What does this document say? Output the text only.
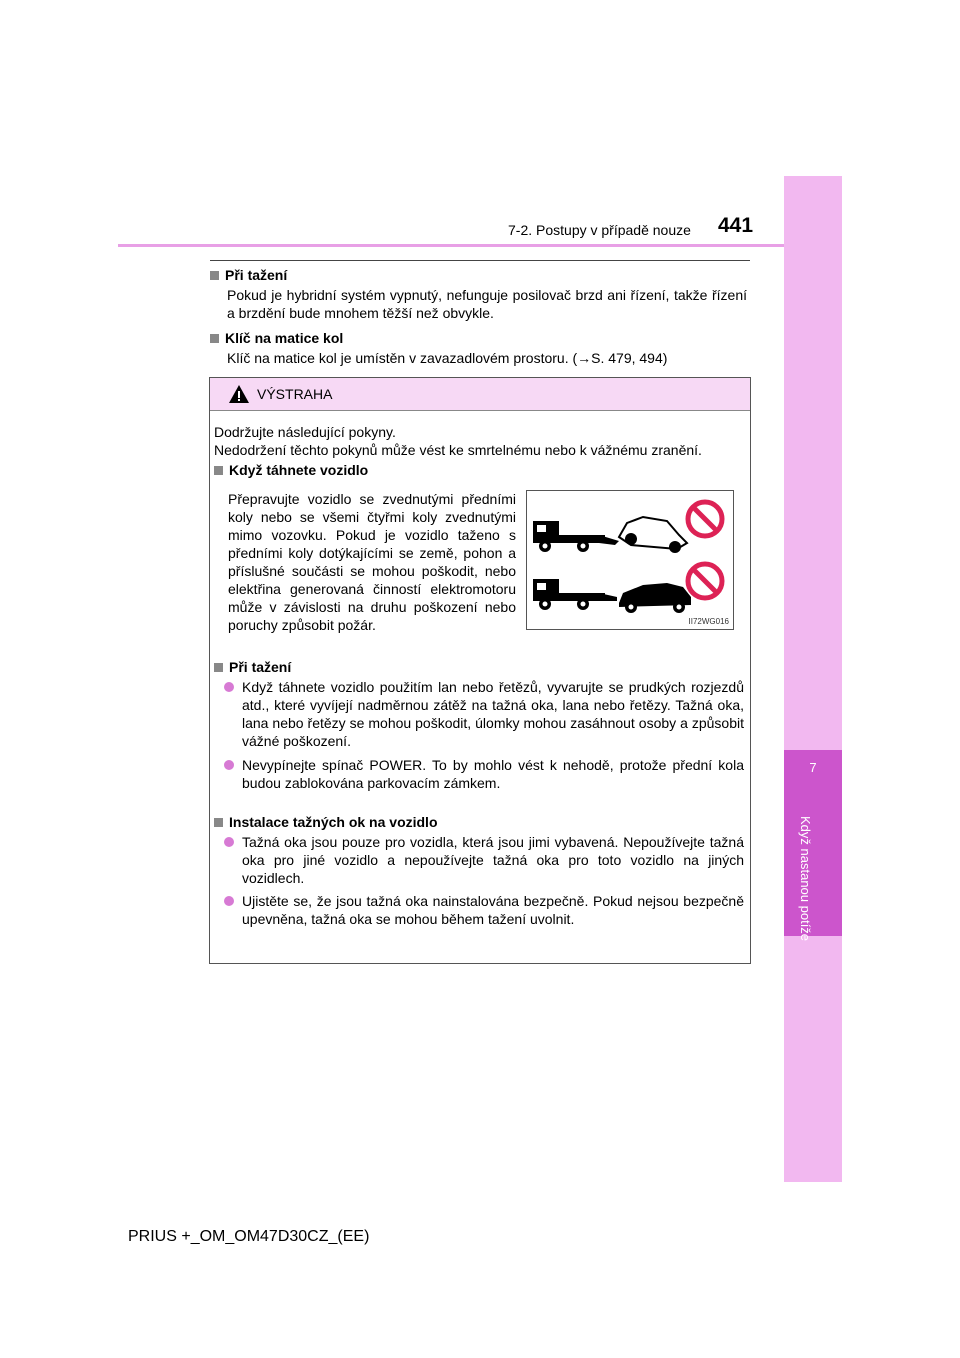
7
Když nastanou potíže
7-2. Postupy v případě nouze 441
Při tažení
Pokud je hybridní systém vypnutý, nefunguje posilovač brzd ani řízení, takže řízení a brzdění bude mnohem těžší než obvykle.
Klíč na matice kol
Klíč na matice kol je umístěn v zavazadlovém prostoru. (→S. 479, 494)
VÝSTRAHA
Dodržujte následující pokyny.
Nedodržení těchto pokynů může vést ke smrtelnému nebo k vážnému zranění.
Když táhnete vozidlo
Přepravujte vozidlo se zvednutými předními koly nebo se všemi čtyřmi koly zvednutými mimo vozovku. Pokud je vozidlo taženo s předními koly dotýkajícími se země, pohon a příslušné součásti se mohou poškodit, nebo elektřina generovaná činností elektromotoru může v závislosti na druhu poškození nebo poruchy způsobit požár.	II72WG016
Při tažení
Když táhnete vozidlo použitím lan nebo řetězů, vyvarujte se prudkých rozjezdů atd., které vyvíjejí nadměrnou zátěž na tažná oka, lana nebo řetězy. Tažná oka, lana nebo řetězy se mohou poškodit, úlomky mohou zasáhnout osoby a způsobit vážné poškození.
Nevypínejte spínač POWER. To by mohlo vést k nehodě, protože přední kola budou zablokována parkovacím zámkem.
Instalace tažných ok na vozidlo
Tažná oka jsou pouze pro vozidla, která jsou jimi vybavená. Nepoužívejte tažná oka pro jiné vozidlo a nepoužívejte tažná oka pro toto vozidlo na jiných vozidlech.
Ujistěte se, že jsou tažná oka nainstalována bezpečně. Pokud nejsou bezpečně upevněna, tažná oka se mohou během tažení uvolnit.
PRIUS +_OM_OM47D30CZ_(EE)
